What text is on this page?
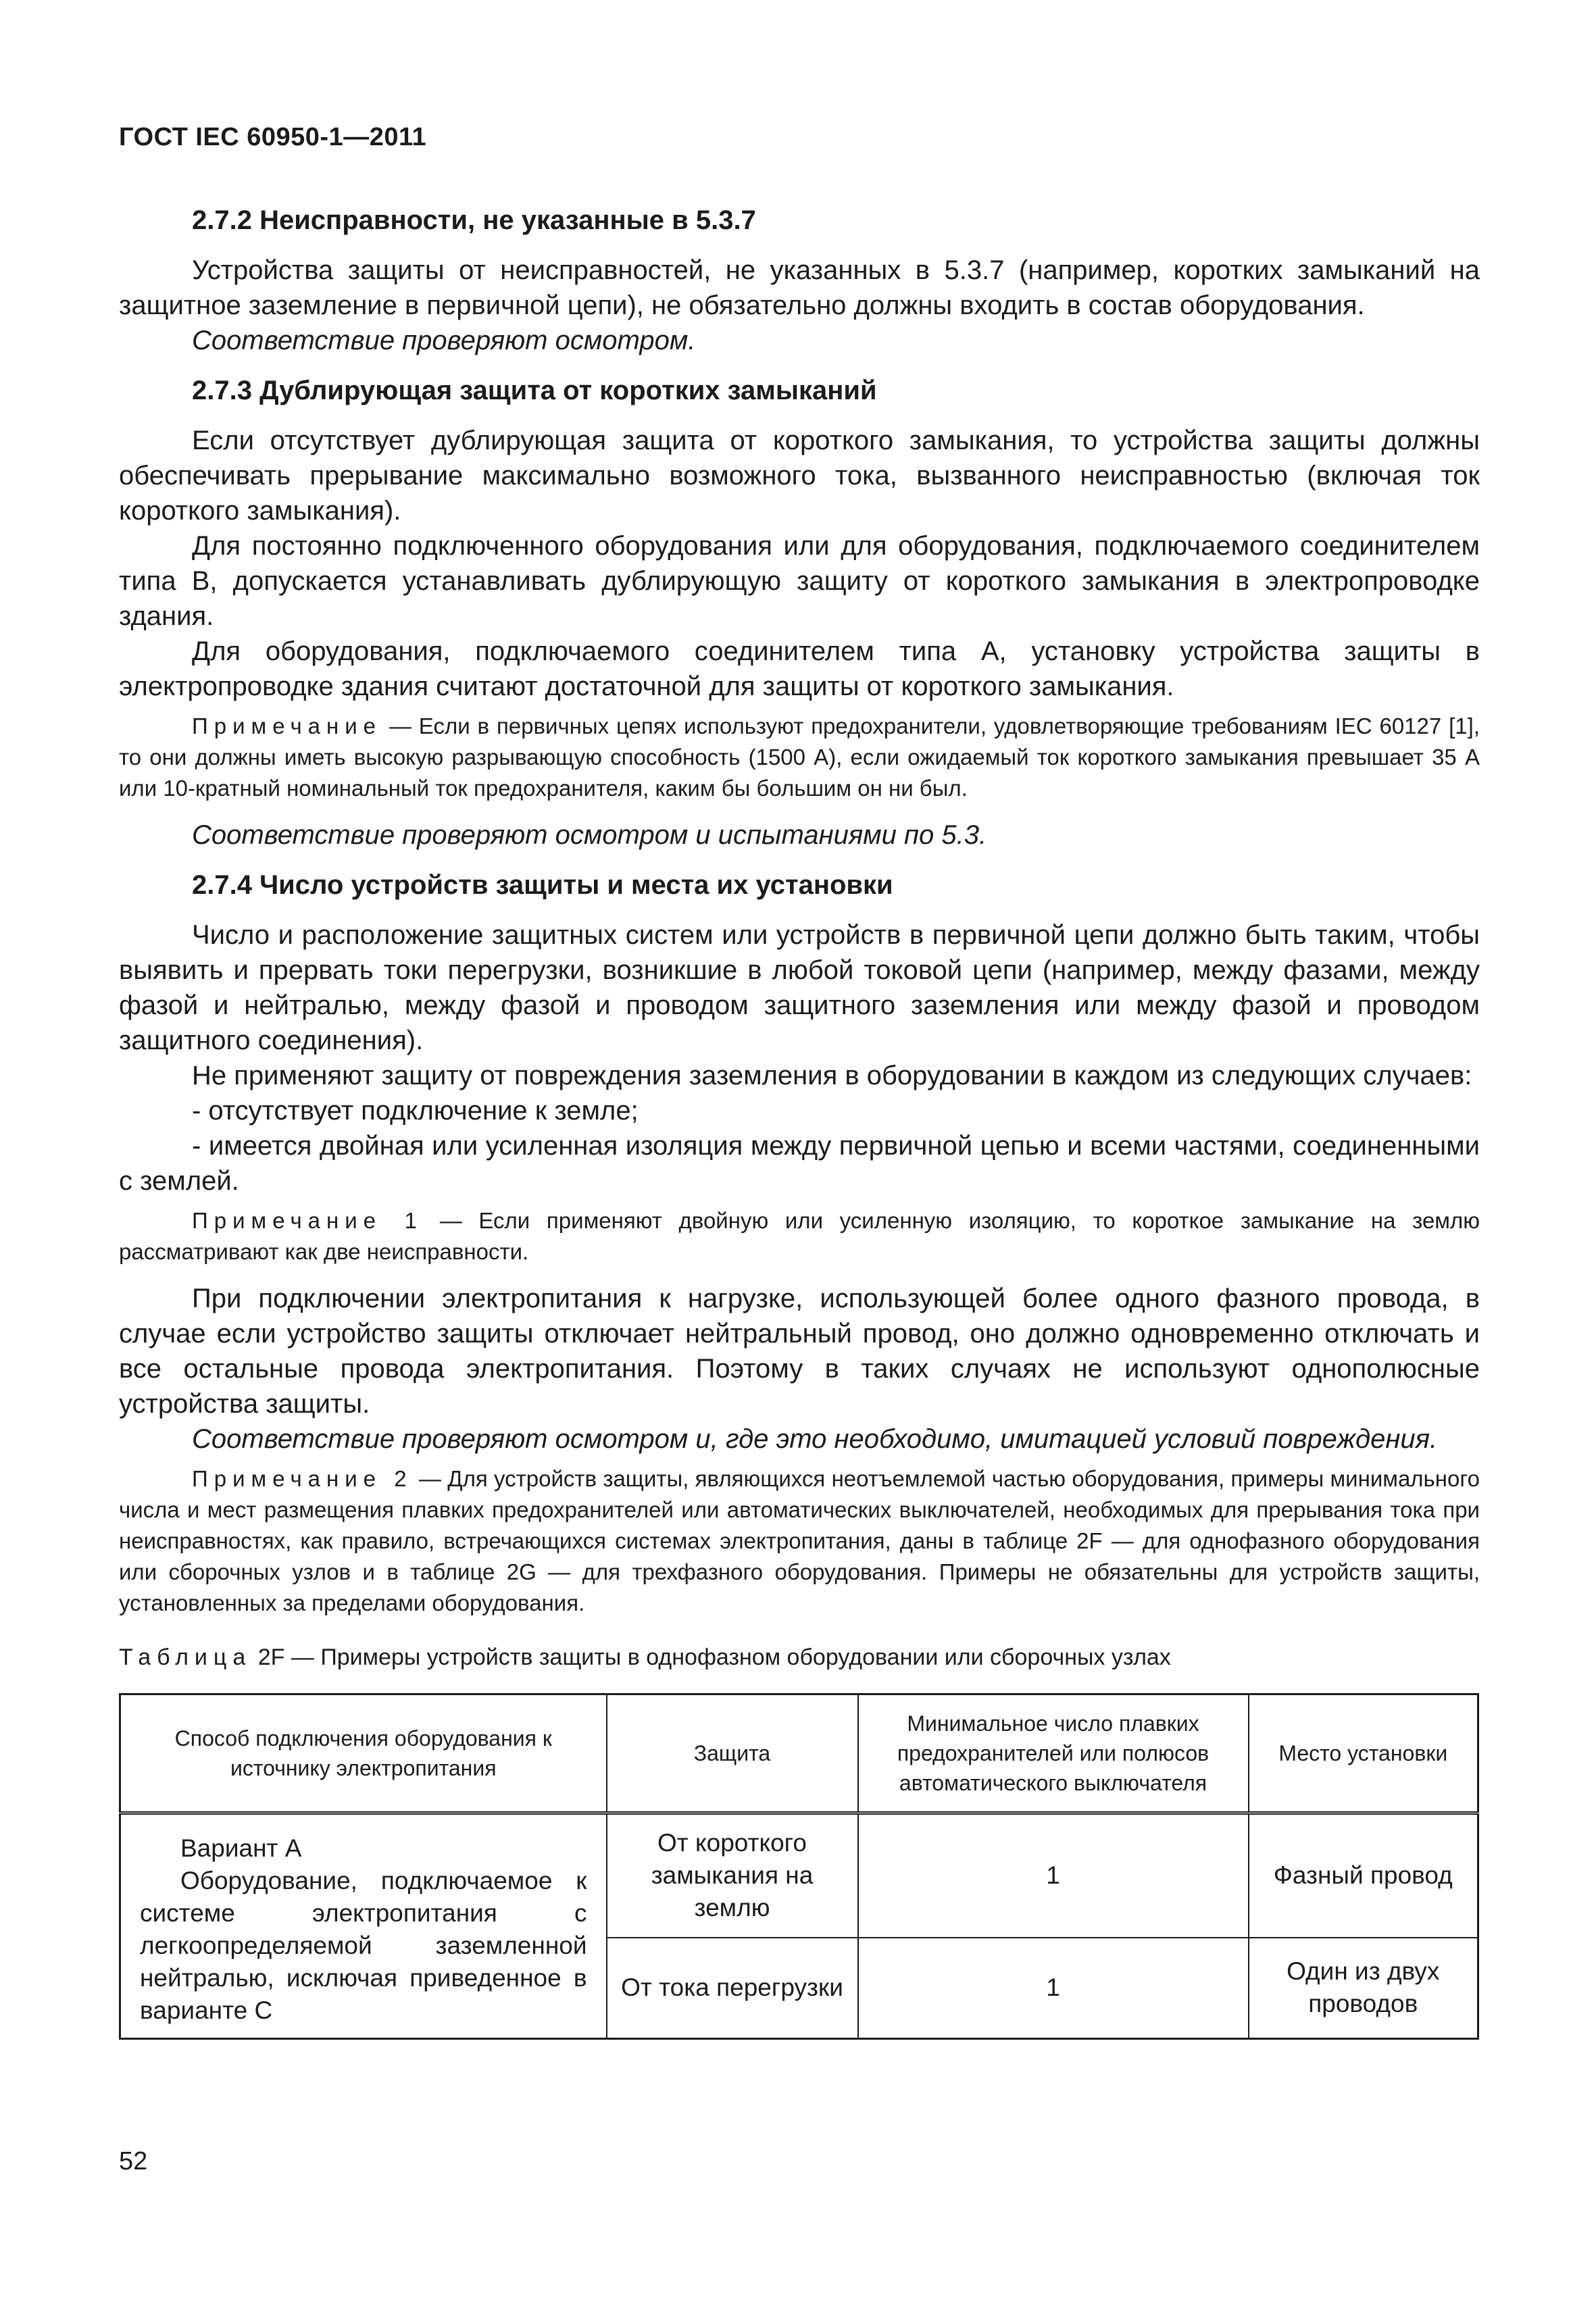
ГОСТ IEC 60950-1—2011
2.7.2 Неисправности, не указанные в 5.3.7

Устройства защиты от неисправностей, не указанных в 5.3.7 (например, коротких замыканий на защитное заземление в первичной цепи), не обязательно должны входить в состав оборудования.

Соответствие проверяют осмотром.

2.7.3 Дублирующая защита от коротких замыканий

Если отсутствует дублирующая защита от короткого замыкания, то устройства защиты должны обеспечивать прерывание максимально возможного тока, вызванного неисправностью (включая ток короткого замыкания).

Для постоянно подключенного оборудования или для оборудования, подключаемого соединителем типа В, допускается устанавливать дублирующую защиту от короткого замыкания в электропроводке здания.

Для оборудования, подключаемого соединителем типа А, установку устройства защиты в электропроводке здания считают достаточной для защиты от короткого замыкания.

Примечание — Если в первичных цепях используют предохранители, удовлетворяющие требованиям IEC 60127 [1], то они должны иметь высокую разрывающую способность (1500 А), если ожидаемый ток короткого замыкания превышает 35 А или 10-кратный номинальный ток предохранителя, каким бы большим он ни был.

Соответствие проверяют осмотром и испытаниями по 5.3.

2.7.4 Число устройств защиты и места их установки

Число и расположение защитных систем или устройств в первичной цепи должно быть таким, чтобы выявить и прервать токи перегрузки, возникшие в любой токовой цепи (например, между фазами, между фазой и нейтралью, между фазой и проводом защитного заземления или между фазой и проводом защитного соединения).

Не применяют защиту от повреждения заземления в оборудовании в каждом из следующих случаев:

- отсутствует подключение к земле;

- имеется двойная или усиленная изоляция между первичной цепью и всеми частями, соединенными с землей.

Примечание 1 — Если применяют двойную или усиленную изоляцию, то короткое замыкание на землю рассматривают как две неисправности.

При подключении электропитания к нагрузке, использующей более одного фазного провода, в случае если устройство защиты отключает нейтральный провод, оно должно одновременно отключать и все остальные провода электропитания. Поэтому в таких случаях не используют однополюсные устройства защиты.

Соответствие проверяют осмотром и, где это необходимо, имитацией условий повреждения.

Примечание 2 — Для устройств защиты, являющихся неотъемлемой частью оборудования, примеры минимального числа и мест размещения плавких предохранителей или автоматических выключателей, необходимых для прерывания тока при неисправностях, как правило, встречающихся системах электропитания, даны в таблице 2F — для однофазного оборудования или сборочных узлов и в таблице 2G — для трехфазного оборудования. Примеры не обязательны для устройств защиты, установленных за пределами оборудования.

Таблица 2F — Примеры устройств защиты в однофазном оборудовании или сборочных узлах
Способ подключения оборудования к источнику электропитания	Защита	Минимальное число плавких предохранителей или полюсов автоматического выключателя	Место установки

Вариант А
Оборудование, подключаемое к системе электропитания с легкоопределяемой заземленной нейтралью, исключая приведенное в варианте С	От короткого замыкания на землю	1	Фазный провод
	От тока перегрузки	1	Один из двух проводов
52
